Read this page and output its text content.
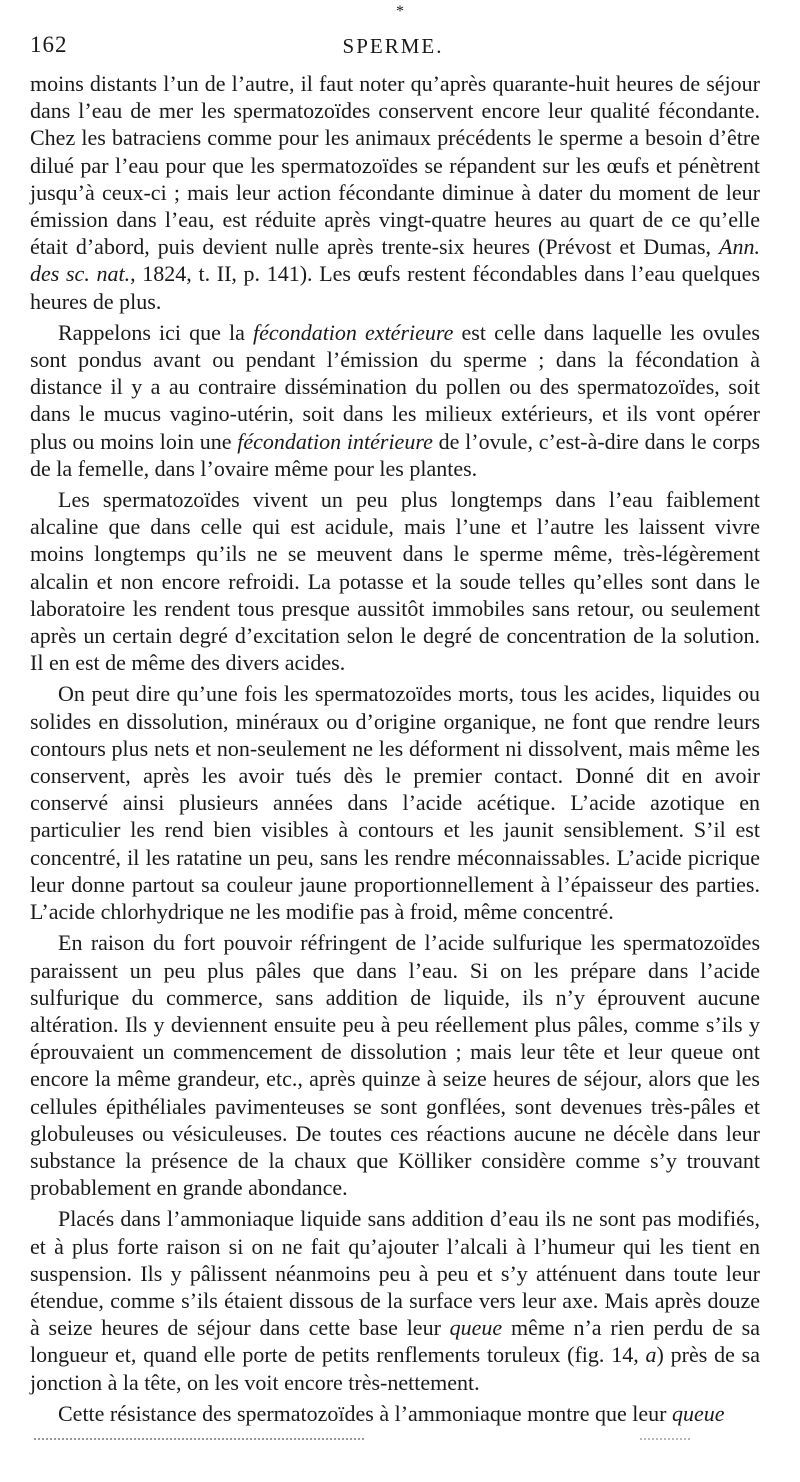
*
162	SPERME.

moins distants l’un de l’autre, il faut noter qu’après quarante-huit heures de séjour dans l’eau de mer les spermatozoïdes conservent encore leur qualité fécondante. Chez les batraciens comme pour les animaux précédents le sperme a besoin d’être dilué par l’eau pour que les spermatozoïdes se répandent sur les œufs et pénètrent jusqu’à ceux-ci ; mais leur action fécondante diminue à dater du moment de leur émission dans l’eau, est réduite après vingt-quatre heures au quart de ce qu’elle était d’abord, puis devient nulle après trente-six heures (Prévost et Dumas, Ann. des sc. nat., 1824, t. II, p. 141). Les œufs restent fécondables dans l’eau quelques heures de plus.

Rappelons ici que la fécondation extérieure est celle dans laquelle les ovules sont pondus avant ou pendant l’émission du sperme ; dans la fécondation à distance il y a au contraire dissémination du pollen ou des spermatozoïdes, soit dans le mucus vagino-utérin, soit dans les milieux extérieurs, et ils vont opérer plus ou moins loin une fécondation intérieure de l’ovule, c’est-à-dire dans le corps de la femelle, dans l’ovaire même pour les plantes.

Les spermatozoïdes vivent un peu plus longtemps dans l’eau faiblement alcaline que dans celle qui est acidule, mais l’une et l’autre les laissent vivre moins longtemps qu’ils ne se meuvent dans le sperme même, très-légèrement alcalin et non encore refroidi. La potasse et la soude telles qu’elles sont dans le laboratoire les rendent tous presque aussitôt immobiles sans retour, ou seulement après un certain degré d’excitation selon le degré de concentration de la solution. Il en est de même des divers acides.

On peut dire qu’une fois les spermatozoïdes morts, tous les acides, liquides ou solides en dissolution, minéraux ou d’origine organique, ne font que rendre leurs contours plus nets et non-seulement ne les déforment ni dissolvent, mais même les conservent, après les avoir tués dès le premier contact. Donné dit en avoir conservé ainsi plusieurs années dans l’acide acétique. L’acide azotique en particulier les rend bien visibles à contours et les jaunit sensiblement. S’il est concentré, il les ratatine un peu, sans les rendre méconnaissables. L’acide picrique leur donne partout sa couleur jaune proportionnellement à l’épaisseur des parties. L’acide chlorhydrique ne les modifie pas à froid, même concentré.

En raison du fort pouvoir réfringent de l’acide sulfurique les spermatozoïdes paraissent un peu plus pâles que dans l’eau. Si on les prépare dans l’acide sulfurique du commerce, sans addition de liquide, ils n’y éprouvent aucune altération. Ils y deviennent ensuite peu à peu réellement plus pâles, comme s’ils y éprouvaient un commencement de dissolution ; mais leur tête et leur queue ont encore la même grandeur, etc., après quinze à seize heures de séjour, alors que les cellules épithéliales pavimenteuses se sont gonflées, sont devenues très-pâles et globuleuses ou vésiculeuses. De toutes ces réactions aucune ne décèle dans leur substance la présence de la chaux que Kölliker considère comme s’y trouvant probablement en grande abondance.

Placés dans l’ammoniaque liquide sans addition d’eau ils ne sont pas modifiés, et à plus forte raison si on ne fait qu’ajouter l’alcali à l’humeur qui les tient en suspension. Ils y pâlissent néanmoins peu à peu et s’y atténuent dans toute leur étendue, comme s’ils étaient dissous de la surface vers leur axe. Mais après douze à seize heures de séjour dans cette base leur queue même n’a rien perdu de sa longueur et, quand elle porte de petits renflements toruleux (fig. 14, a) près de sa jonction à la tête, on les voit encore très-nettement.

Cette résistance des spermatozoïdes à l’ammoniaque montre que leur queue
